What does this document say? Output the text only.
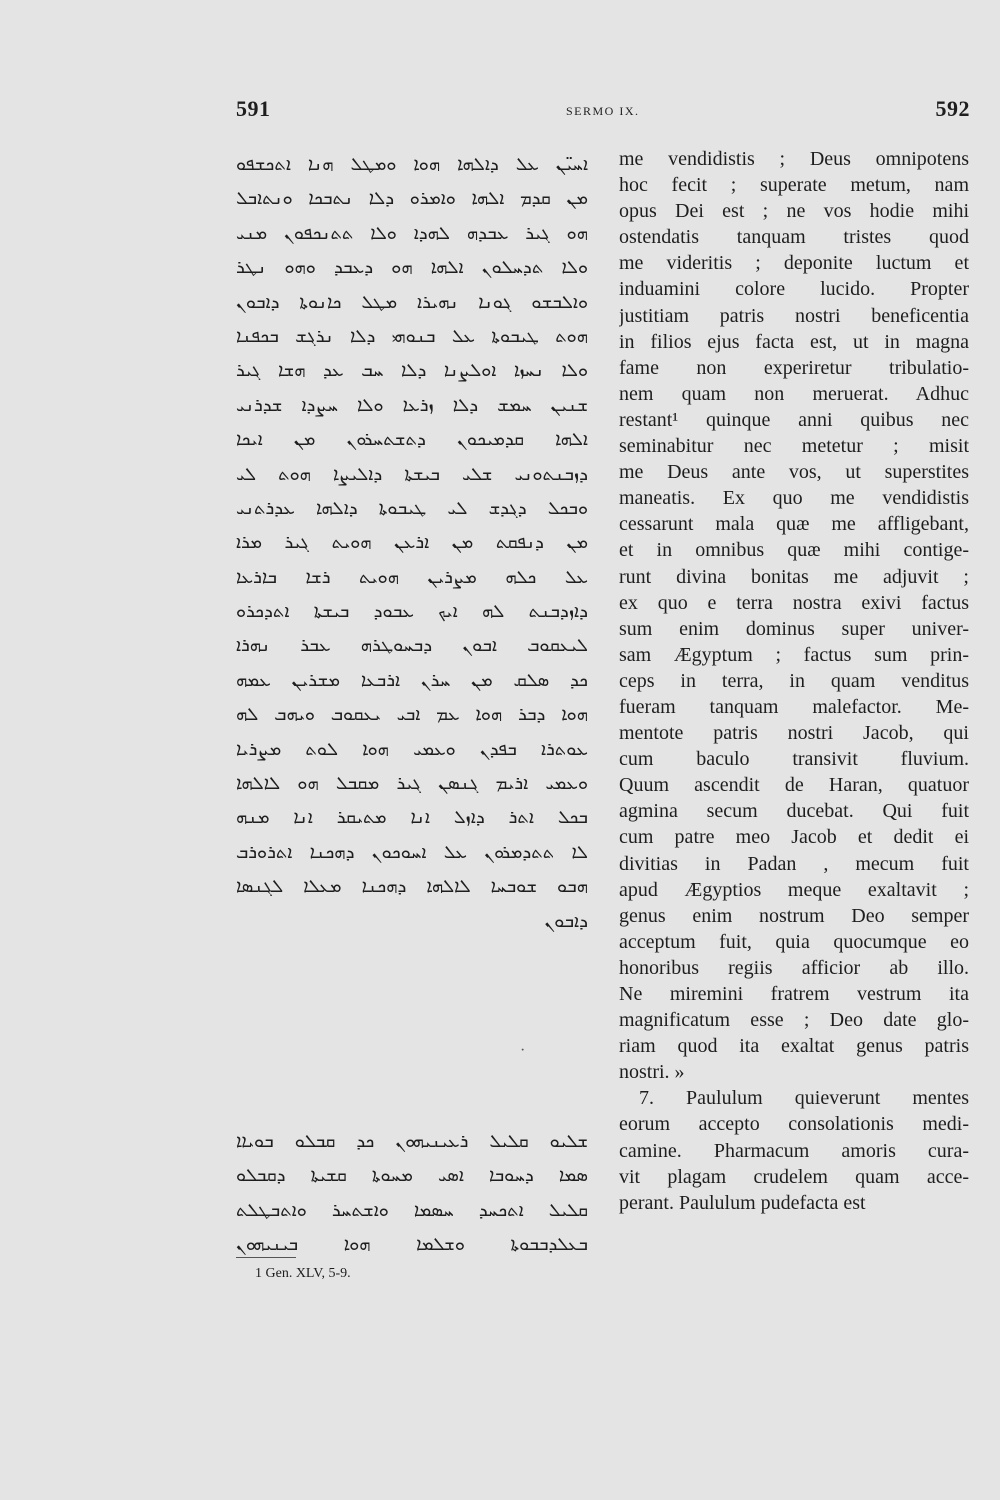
591	SERMO IX.	592
ܐܚܝ̈ܢ ܥܠ ܕܐܠܗܐ ܗܘܐ ܘܡܛܠ ܗܢܐ ܐܬܟܫܦܘ
ܡܢ ܩܕܡ ܐܠܗܐ ܘܐܡܪܘ ܕܠܐ ܢܬܒܟܐ ܘܢܬܐܒܠ
ܗܘ ܓܝܪ ܥܒܕܗ ܠܗܕܐ ܘܠܐ ܬܬܢܟܦܘܢ ܡܢܝ
ܘܠܐ ܬܕܚܠܘܢ ܐܠܗܐ ܗܘ ܕܥܒܕ ܘܗܘ ܢܛܪ
ܘܐܠܒܫܘ ܓܘܢܐ ܢܗܝܪܐ ܡܛܠ ܟܐܢܘܬܐ ܕܐܒܘܢ
ܗܘܬ ܛܝܒܘܬܐ ܥܠ ܒܢܘܗܝ ܕܠܐ ܢܪܓܫ ܒܟܦܢܐ
ܘܠܐ ܢܚܙܐ ܐܘܠܨܢܐ ܕܠܐ ܚܒ ܥܕ ܗܫܐ ܓܝܪ
ܫܢܝܢ ܚܡܫ ܕܠܐ ܙܪܥܐ ܘܠܐ ܚܨܕܐ ܫܕܪܢܝ
ܐܠܗܐ ܩܕܡܝܟܘܢ ܕܬܫܬܚܪܘܢ ܡܢ ܐܝܟܐ
ܕܙܒܢܬܘܢܝ ܫܠܝ ܒܝܫܬܐ ܕܐܠܝܨܐ ܗܘܬ ܠܝ
ܘܒܟܠ ܕܓܕܫ ܠܝ ܛܝܒܘܬܐ ܕܐܠܗܐ ܥܕܪܬܢܝ
ܡܢ ܕܢܦܩܬ ܡܢ ܐܪܥܢ ܗܘܝܬ ܓܝܪ ܡܪܐ
ܥܠ ܟܠܗ ܡܨܪܝܢ ܗܘܝܬ ܪܫܐ ܒܐܪܥܐ
ܕܐܙܕܒܢܬ ܠܗ ܐܝܟ ܥܒܘܕ ܒܝܫܬܐ ܐܬܕܟܪܘ
ܠܝܥܩܘܒ ܐܒܘܢ ܕܒܚܘܛܪܗ ܥܒܪ ܢܗܪܐ
ܟܕ ܣܠܩ ܡܢ ܚܪܢ ܐܪܒܥܐ ܡܫܪܝܢ ܥܡܗ
ܗܘܐ ܕܒܪ ܗܘܐ ܥܡ ܐܒܝ ܝܥܩܘܒ ܘܝܗܒ ܠܗ
ܥܘܬܪܐ ܒܦܕܢ ܘܥܡܝ ܗܘܐ ܠܘܬ ܡܨܪܝܐ
ܘܥܡܝ ܐܪܝܡ ܓܢܣܢ ܓܝܪ ܡܩܒܠ ܗܘ ܠܐܠܗܐ
ܒܟܠ ܐܬܪ ܕܐܙܠ ܐܢܐ ܡܬܝܩܪ ܐܢܐ ܡܢܗ
ܠܐ ܬܬܕܡܪܘܢ ܥܠ ܐܚܘܟܘܢ ܕܗܟܢܐ ܐܬܪܘܪܒ
ܗܒܘ ܫܘܒܚܐ ܠܐܠܗܐ ܕܗܟܢܐ ܡܥܠܐ ܠܓܢܣܐ
ܕܐܒܘܢ
·
ܫܠܝܘ ܩܠܝܠ ܪܥܝܢܝܗܘܢ ܟܕ ܩܒܠܘ ܒܘܝܐܐ
ܣܡܐ ܕܚܘܒܐ ܐܣܝ ܡܚܘܬܐ ܩܫܝܬܐ ܕܩܒܠܘ
ܩܠܝܠ ܐܬܟܚܕ ܚܣܡܐ ܘܐܫܬܚܪ ܘܐܬܒܛܠܬ
ܒܥܠܕܒܒܘܬܐ ܘܫܠܡܐ ܗܘܐ ܒܝܢܝܗܘܢ
1 Gen. XLV, 5-9.
me vendidistis ; Deus omnipotens
hoc fecit ; superate metum, nam
opus Dei est ; ne vos hodie mihi
ostendatis tanquam tristes quod
me videritis ; deponite luctum et
induamini colore lucido. Propter
justitiam patris nostri beneficentia
in filios ejus facta est, ut in magna
fame non experiretur tribulatio-
nem quam non meruerat. Adhuc
restant¹ quinque anni quibus nec
seminabitur nec metetur ; misit
me Deus ante vos, ut superstites
maneatis. Ex quo me vendidistis
cessarunt mala quæ me affligebant,
et in omnibus quæ mihi contige-
runt divina bonitas me adjuvit ;
ex quo e terra nostra exivi factus
sum enim dominus super univer-
sam Ægyptum ; factus sum prin-
ceps in terra, in quam venditus
fueram tanquam malefactor. Me-
mentote patris nostri Jacob, qui
cum baculo transivit fluvium.
Quum ascendit de Haran, quatuor
agmina secum ducebat. Qui fuit
cum patre meo Jacob et dedit ei
divitias in Padan , mecum fuit
apud Ægyptios meque exaltavit ;
genus enim nostrum Deo semper
acceptum fuit, quia quocumque eo
honoribus regiis afficior ab illo.
Ne miremini fratrem vestrum ita
magnificatum esse ; Deo date glo-
riam quod ita exaltat genus patris
nostri. »
7. Paululum quieverunt mentes
eorum accepto consolationis medi-
camine. Pharmacum amoris cura-
vit plagam crudelem quam acce-
perant. Paululum pudefacta est
